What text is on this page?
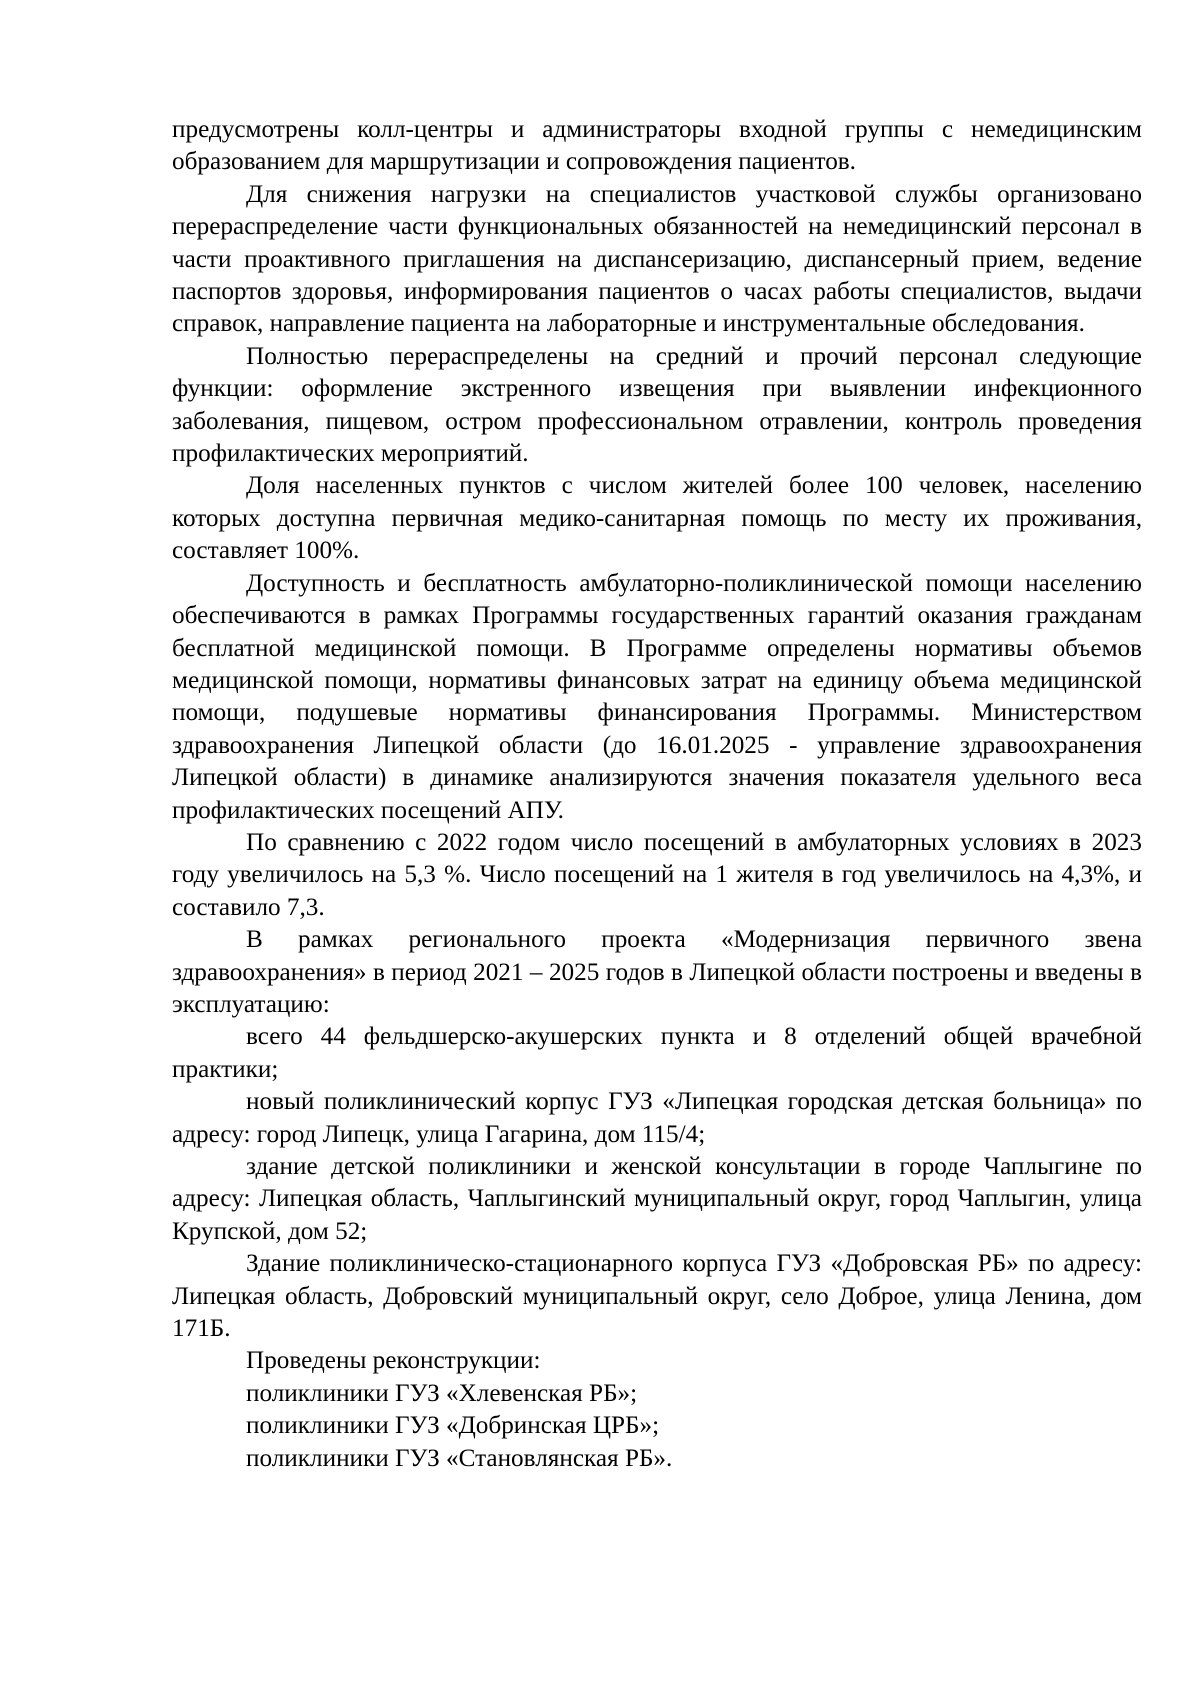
предусмотрены колл-центры и администраторы входной группы с немедицинским образованием для маршрутизации и сопровождения пациентов.

Для снижения нагрузки на специалистов участковой службы организовано перераспределение части функциональных обязанностей на немедицинский персонал в части проактивного приглашения на диспансеризацию, диспансерный прием, ведение паспортов здоровья, информирования пациентов о часах работы специалистов, выдачи справок, направление пациента на лабораторные и инструментальные обследования.

Полностью перераспределены на средний и прочий персонал следующие функции: оформление экстренного извещения при выявлении инфекционного заболевания, пищевом, остром профессиональном отравлении, контроль проведения профилактических мероприятий.

Доля населенных пунктов с числом жителей более 100 человек, населению которых доступна первичная медико-санитарная помощь по месту их проживания, составляет 100%.

Доступность и бесплатность амбулаторно-поликлинической помощи населению обеспечиваются в рамках Программы государственных гарантий оказания гражданам бесплатной медицинской помощи. В Программе определены нормативы объемов медицинской помощи, нормативы финансовых затрат на единицу объема медицинской помощи, подушевые нормативы финансирования Программы. Министерством здравоохранения Липецкой области (до 16.01.2025 - управление здравоохранения Липецкой области) в динамике анализируются значения показателя удельного веса профилактических посещений АПУ.

По сравнению с 2022 годом число посещений в амбулаторных условиях в 2023 году увеличилось на 5,3 %. Число посещений на 1 жителя в год увеличилось на 4,3%, и составило 7,3.

В рамках регионального проекта «Модернизация первичного звена здравоохранения» в период 2021 – 2025 годов в Липецкой области построены и введены в эксплуатацию:

всего 44 фельдшерско-акушерских пункта и 8 отделений общей врачебной практики;

новый поликлинический корпус ГУЗ «Липецкая городская детская больница» по адресу: город Липецк, улица Гагарина, дом 115/4;

здание детской поликлиники и женской консультации в городе Чаплыгине по адресу: Липецкая область, Чаплыгинский муниципальный округ, город Чаплыгин, улица Крупской, дом 52;

Здание поликлиническо-стационарного корпуса ГУЗ «Добровская РБ» по адресу: Липецкая область, Добровский муниципальный округ, село Доброе, улица Ленина, дом 171Б.

Проведены реконструкции:

поликлиники ГУЗ «Хлевенская РБ»;

поликлиники ГУЗ «Добринская ЦРБ»;

поликлиники ГУЗ «Становлянская РБ».
